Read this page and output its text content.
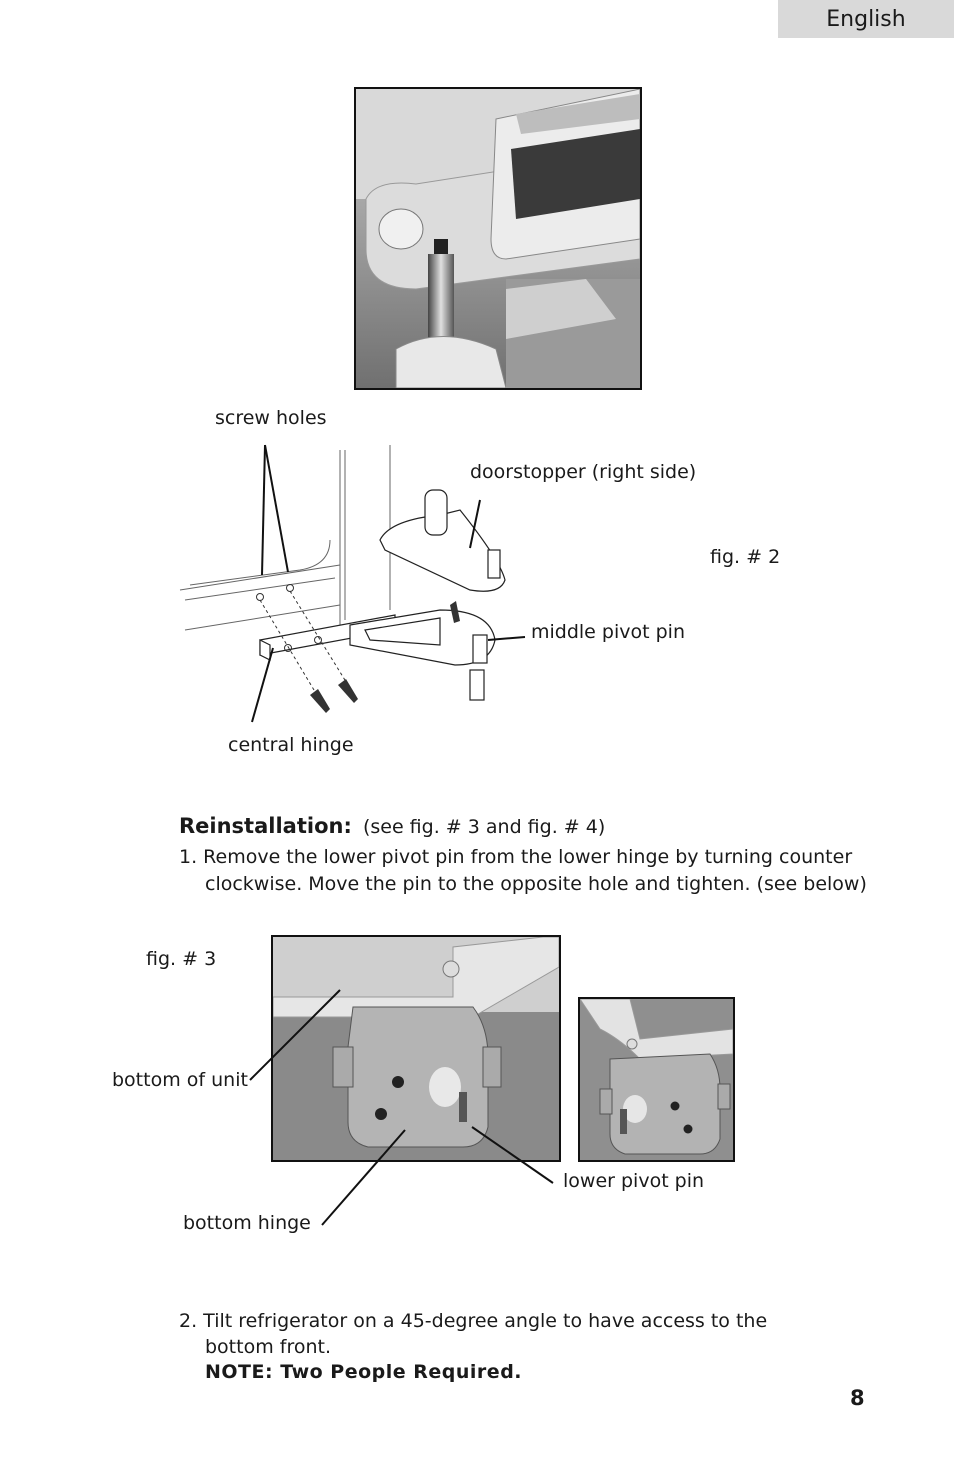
English
screw holes
doorstopper (right side)
fig. # 2
middle pivot pin
central hinge
Reinstallation: (see fig. # 3 and fig. # 4)
1. Remove the lower pivot pin from the lower hinge by turning counter
clockwise. Move the pin to the opposite hole and tighten. (see below)
fig. # 3
bottom of unit
lower pivot pin
bottom hinge
2. Tilt refrigerator on a 45-degree angle to have access to the
bottom front.
NOTE: Two People Required.
8
